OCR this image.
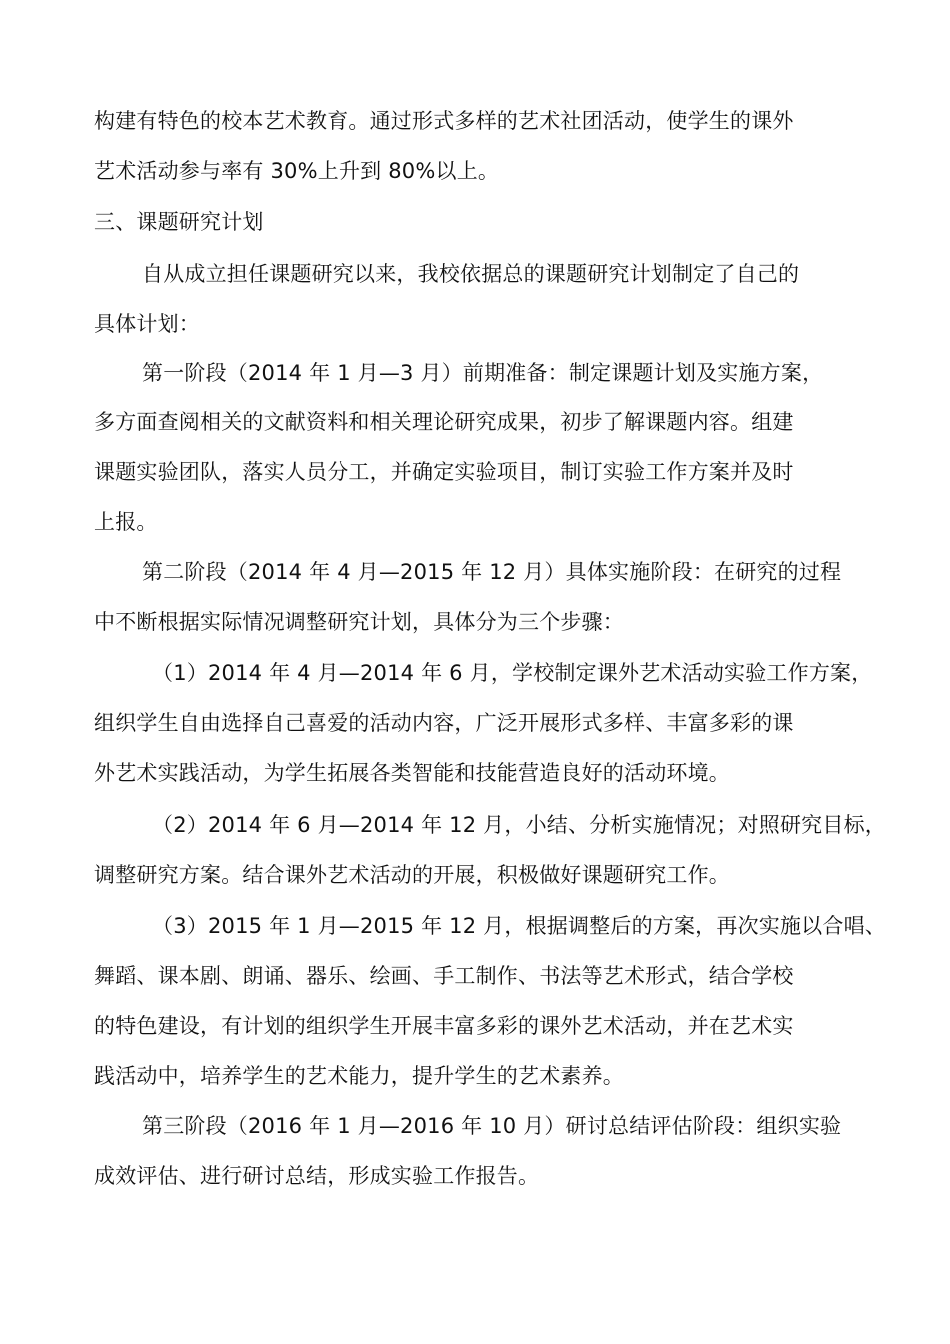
构建有特色的校本艺术教育。通过形式多样的艺术社团活动，使学生的课外
艺术活动参与率有 30%上升到 80%以上。
三、课题研究计划
自从成立担任课题研究以来，我校依据总的课题研究计划制定了自己的
具体计划：
第一阶段（2014 年 1 月—3 月）前期准备：制定课题计划及实施方案，
多方面查阅相关的文献资料和相关理论研究成果，初步了解课题内容。组建
课题实验团队，落实人员分工，并确定实验项目，制订实验工作方案并及时
上报。
第二阶段（2014 年 4 月—2015 年 12 月）具体实施阶段：在研究的过程
中不断根据实际情况调整研究计划，具体分为三个步骤：
（1）2014 年 4 月—2014 年 6 月，学校制定课外艺术活动实验工作方案，
组织学生自由选择自己喜爱的活动内容，广泛开展形式多样、丰富多彩的课
外艺术实践活动，为学生拓展各类智能和技能营造良好的活动环境。
（2）2014 年 6 月—2014 年 12 月，小结、分析实施情况；对照研究目标，
调整研究方案。结合课外艺术活动的开展，积极做好课题研究工作。
（3）2015 年 1 月—2015 年 12 月，根据调整后的方案，再次实施以合唱、
舞蹈、课本剧、朗诵、器乐、绘画、手工制作、书法等艺术形式，结合学校
的特色建设，有计划的组织学生开展丰富多彩的课外艺术活动，并在艺术实
践活动中，培养学生的艺术能力，提升学生的艺术素养。
第三阶段（2016 年 1 月—2016 年 10 月）研讨总结评估阶段：组织实验
成效评估、进行研讨总结，形成实验工作报告。
